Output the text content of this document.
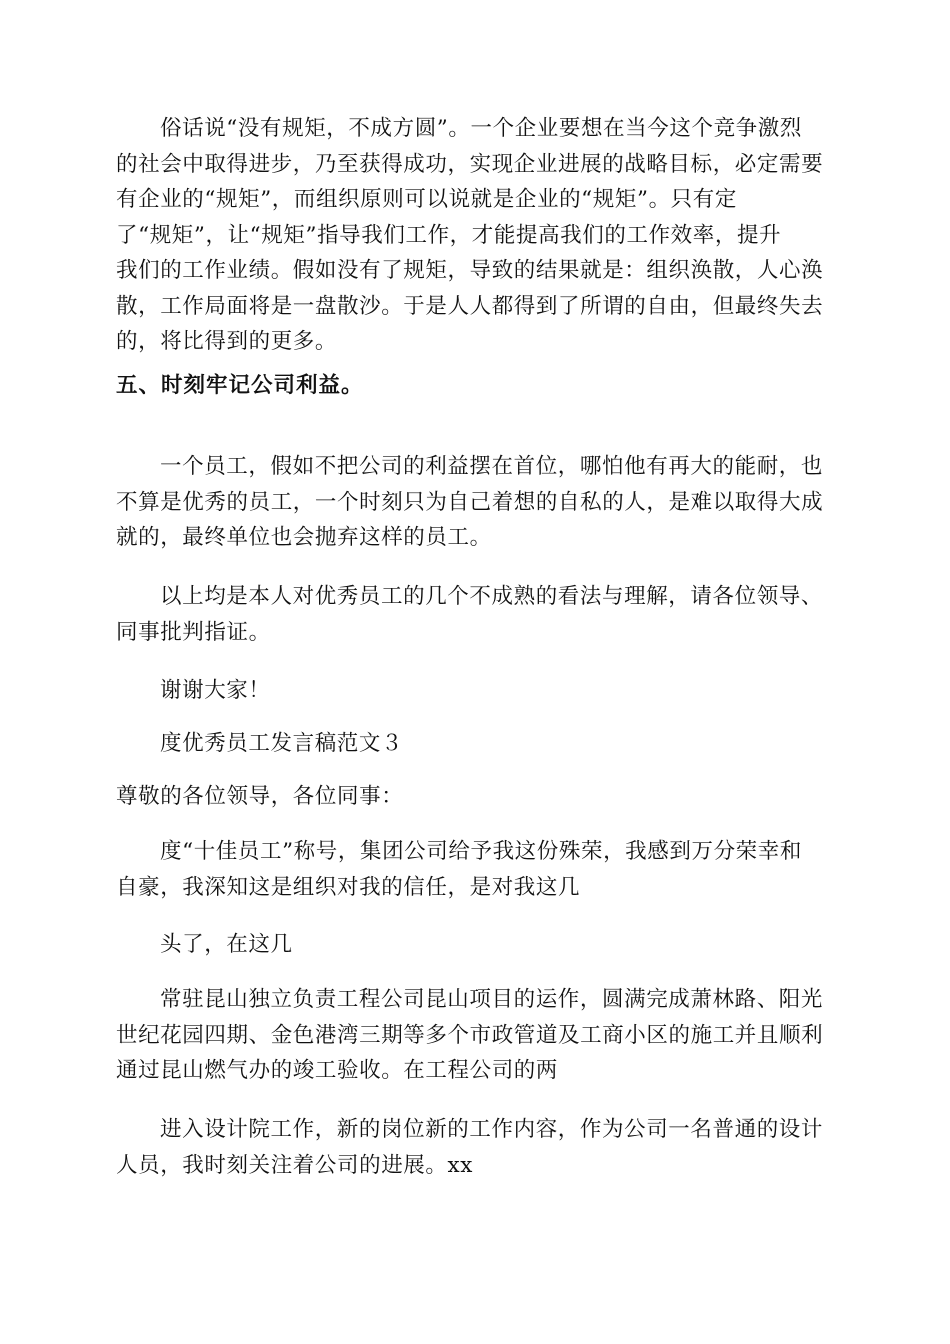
俗话说“没有规矩，不成方圆”。一个企业要想在当今这个竞争激烈
的社会中取得进步，乃至获得成功，实现企业进展的战略目标，必定需要
有企业的“规矩”，而组织原则可以说就是企业的“规矩”。只有定
了“规矩”，让“规矩”指导我们工作，才能提高我们的工作效率，提升
我们的工作业绩。假如没有了规矩，导致的结果就是：组织涣散，人心涣
散，工作局面将是一盘散沙。于是人人都得到了所谓的自由，但最终失去
的，将比得到的更多。
五、时刻牢记公司利益。
一个员工，假如不把公司的利益摆在首位，哪怕他有再大的能耐，也
不算是优秀的员工，一个时刻只为自己着想的自私的人，是难以取得大成
就的，最终单位也会抛弃这样的员工。
以上均是本人对优秀员工的几个不成熟的看法与理解，请各位领导、
同事批判指证。
谢谢大家！
度优秀员工发言稿范文３
尊敬的各位领导，各位同事：
度“十佳员工”称号，集团公司给予我这份殊荣，我感到万分荣幸和
自豪，我深知这是组织对我的信任，是对我这几
头了，在这几
常驻昆山独立负责工程公司昆山项目的运作，圆满完成萧林路、阳光
世纪花园四期、金色港湾三期等多个市政管道及工商小区的施工并且顺利
通过昆山燃气办的竣工验收。在工程公司的两
进入设计院工作，新的岗位新的工作内容，作为公司一名普通的设计
人员，我时刻关注着公司的进展。xx
